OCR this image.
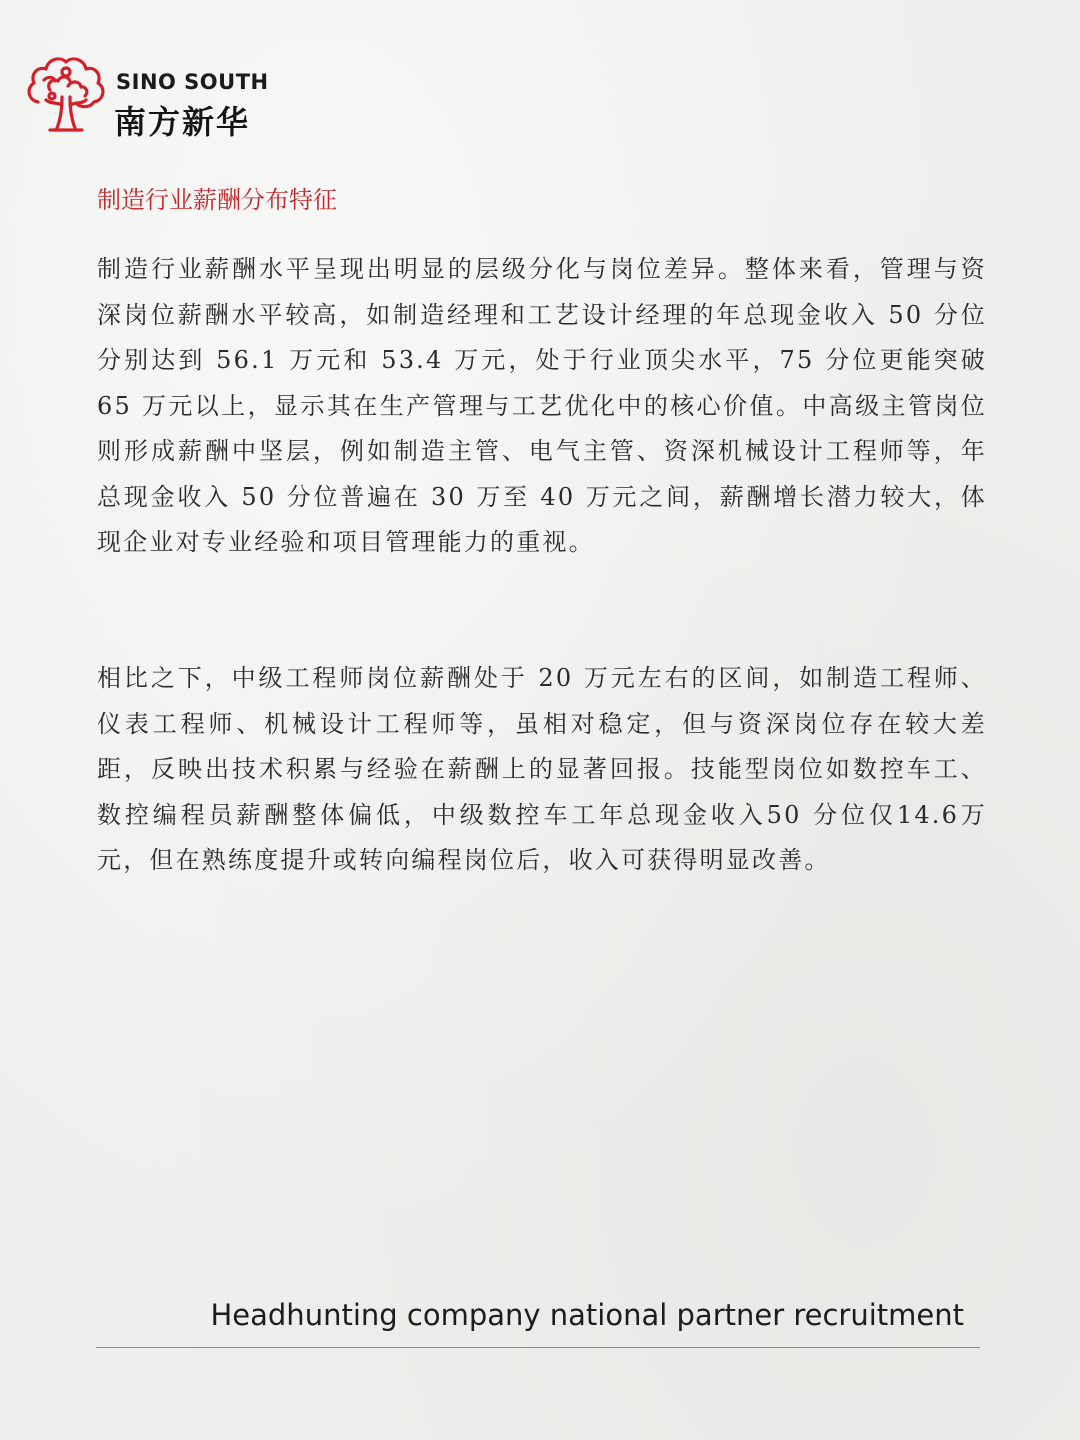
SINO SOUTH
南方新华
制造行业薪酬分布特征

制造行业薪酬水平呈现出明显的层级分化与岗位差异。整体来看，管理与资深岗位薪酬水平较高，如制造经理和工艺设计经理的年总现金收入 50 分位分别达到 56.1 万元和 53.4 万元，处于行业顶尖水平，75 分位更能突破65 万元以上，显示其在生产管理与工艺优化中的核心价值。中高级主管岗位则形成薪酬中坚层，例如制造主管、电气主管、资深机械设计工程师等，年总现金收入 50 分位普遍在 30 万至 40 万元之间，薪酬增长潜力较大，体现企业对专业经验和项目管理能力的重视。

相比之下，中级工程师岗位薪酬处于 20 万元左右的区间，如制造工程师、仪表工程师、机械设计工程师等，虽相对稳定，但与资深岗位存在较大差距，反映出技术积累与经验在薪酬上的显著回报。技能型岗位如数控车工、数控编程员薪酬整体偏低，中级数控车工年总现金收入50 分位仅14.6万元，但在熟练度提升或转向编程岗位后，收入可获得明显改善。

Headhunting company national partner recruitment
